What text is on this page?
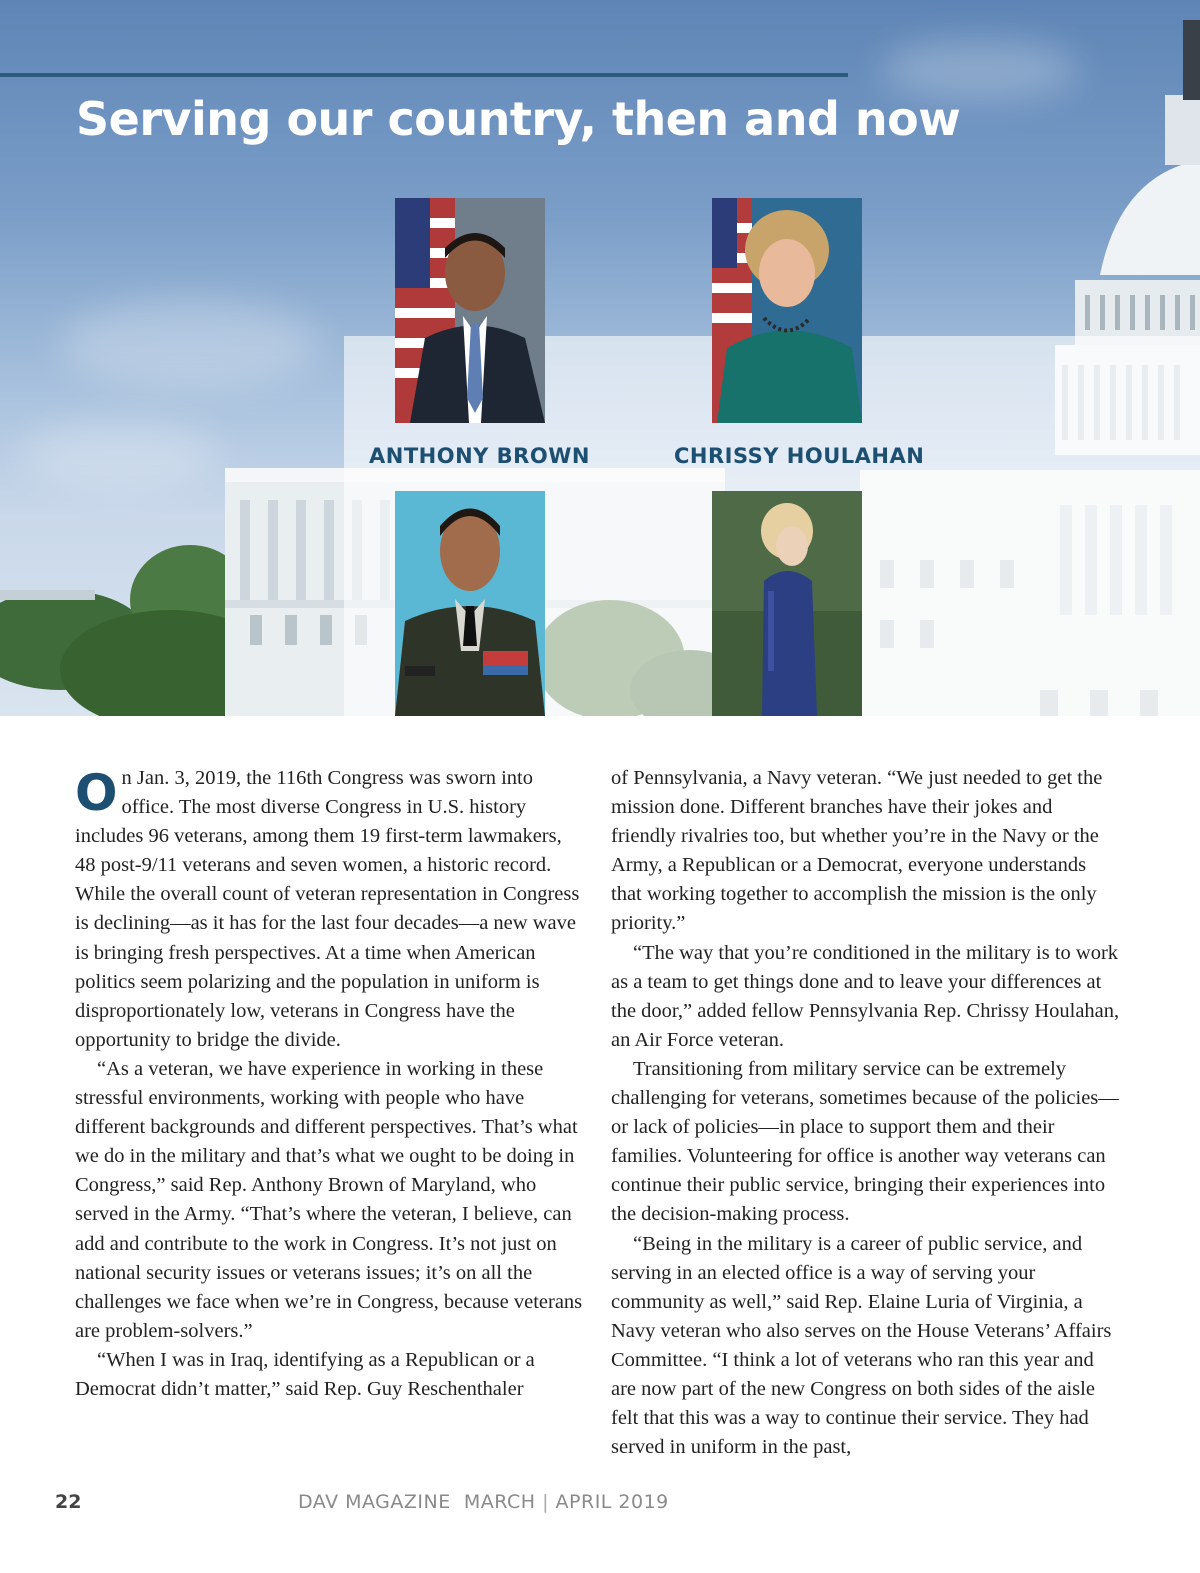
Serving our country, then and now

ANTHONY BROWN	CHRISSY HOULAHAN

On Jan. 3, 2019, the 116th Congress was sworn into office. The most diverse Congress in U.S. history includes 96 veterans, among them 19 first-term lawmakers, 48 post-9/11 veterans and seven women, a historic record. While the overall count of veteran representation in Congress is declining—as it has for the last four decades—a new wave is bringing fresh perspectives. At a time when American politics seem polarizing and the population in uniform is disproportionately low, veterans in Congress have the opportunity to bridge the divide.

“As a veteran, we have experience in working in these stressful environments, working with people who have different backgrounds and different perspectives. That’s what we do in the military and that’s what we ought to be doing in Congress,” said Rep. Anthony Brown of Maryland, who served in the Army. “That’s where the veteran, I believe, can add and contribute to the work in Congress. It’s not just on national security issues or veterans issues; it’s on all the challenges we face when we’re in Congress, because veterans are problem-solvers.”

“When I was in Iraq, identifying as a Republican or a Democrat didn’t matter,” said Rep. Guy Reschenthaler

of Pennsylvania, a Navy veteran. “We just needed to get the mission done. Different branches have their jokes and friendly rivalries too, but whether you’re in the Navy or the Army, a Republican or a Democrat, everyone understands that working together to accomplish the mission is the only priority.”

“The way that you’re conditioned in the military is to work as a team to get things done and to leave your differences at the door,” added fellow Pennsylvania Rep. Chrissy Houlahan, an Air Force veteran.

Transitioning from military service can be extremely challenging for veterans, sometimes because of the policies—or lack of policies—in place to support them and their families. Volunteering for office is another way veterans can continue their public service, bringing their experiences into the decision-making process.

“Being in the military is a career of public service, and serving in an elected office is a way of serving your community as well,” said Rep. Elaine Luria of Virginia, a Navy veteran who also serves on the House Veterans’ Affairs Committee. “I think a lot of veterans who ran this year and are now part of the new Congress on both sides of the aisle felt that this was a way to continue their service. They had served in uniform in the past,

22	DAV MAGAZINE MARCH | APRIL 2019
